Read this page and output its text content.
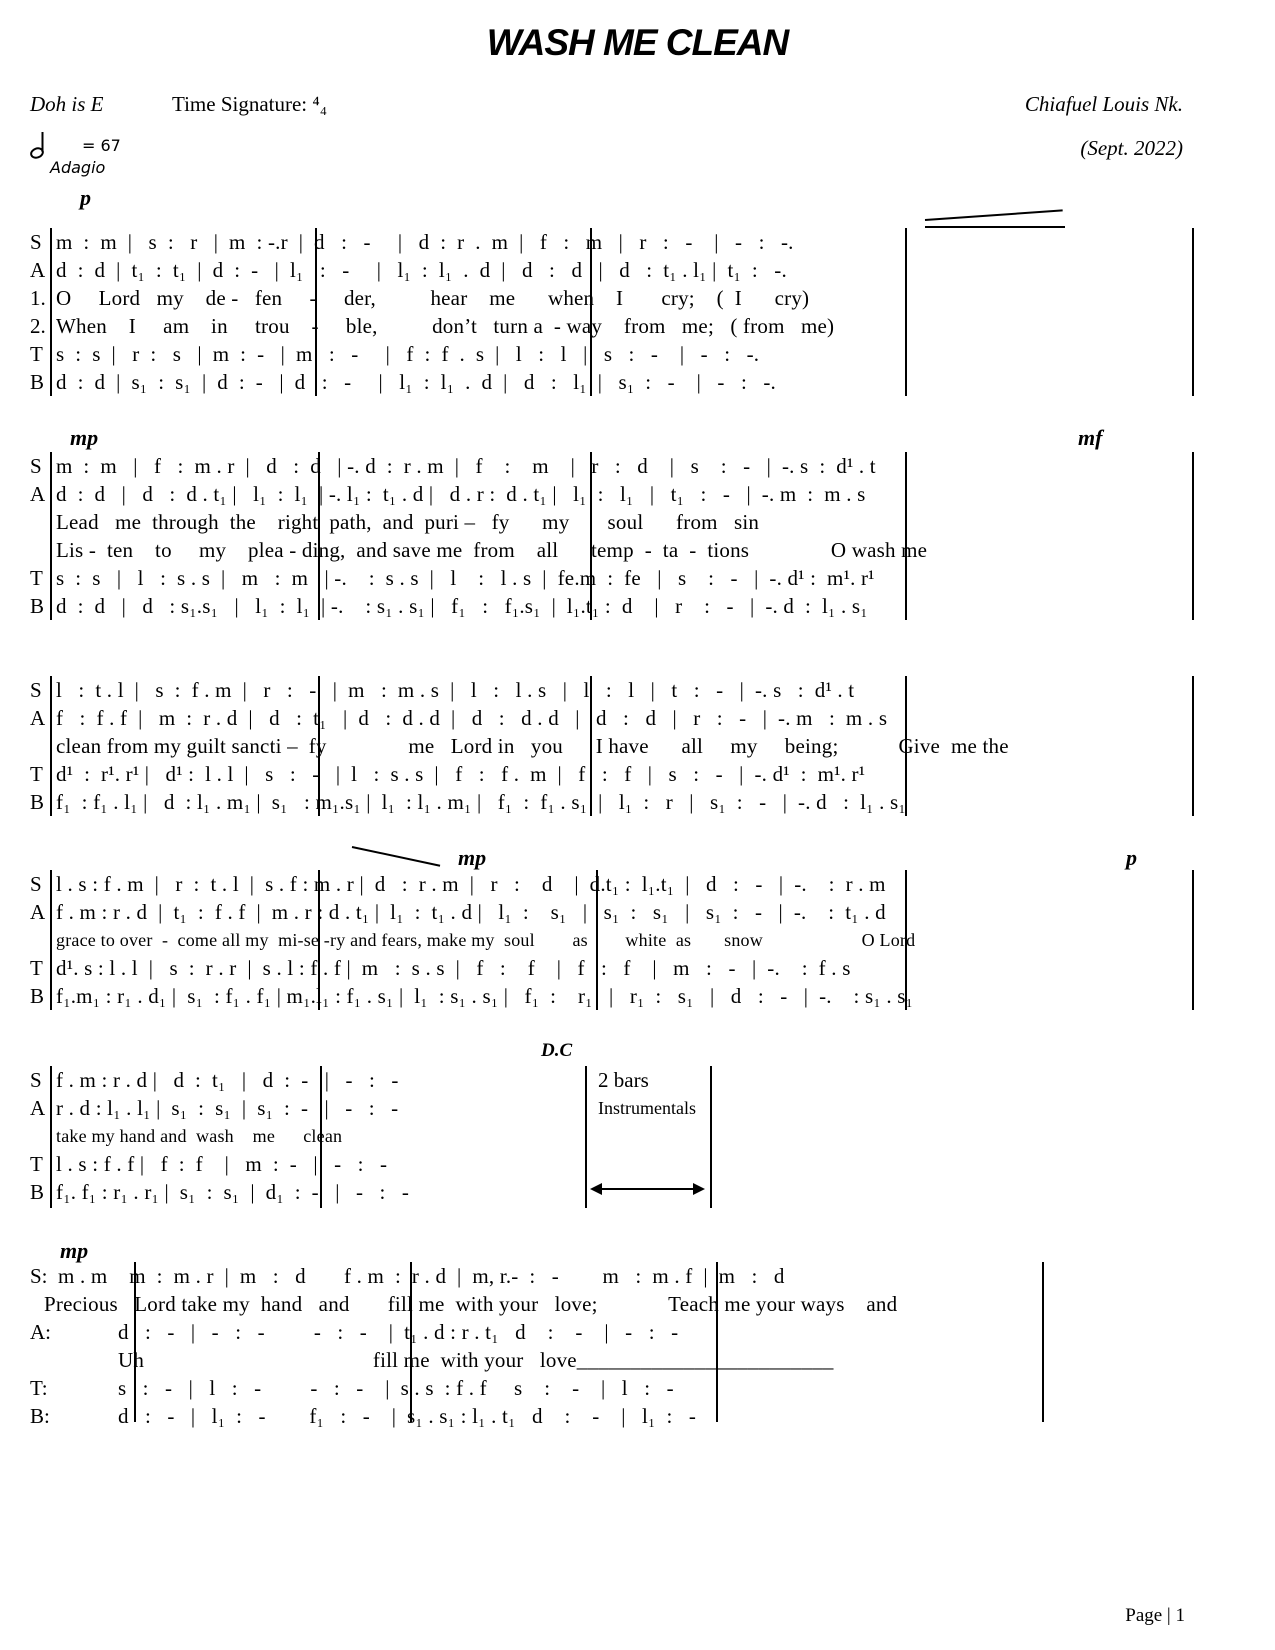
WASH ME CLEAN
Doh is E	Time Signature: ⁴₄	Chiafuel Louis Nk.
(Sept. 2022)
= 67
Adagio
p
S m  :  m  |   s  :   r   |  m  : -.r  |  d   :   -     |   d  :  r  .  m  |   f   :   m   |   r   :   -    |   -   :   -.
A d  :  d  |  t₁  :  t₁  |  d  :  -   |  l₁   :   -     |   l₁  :  l₁  .  d  |   d   :   d   |   d   :  t₁ . l₁ |  t₁  :   -.
1. O     Lord   my    de -   fen     -     der,          hear    me      when    I       cry;    (  I      cry)
2. When    I     am    in     trou    -     ble,          don’t   turn a  - way    from   me;   ( from   me)
T s  :  s  |   r  :   s   |  m  :  -   |  m   :   -     |   f  :  f  .  s  |   l   :   l   |   s   :   -    |   -   :   -.
B d  :  d  |  s₁  :  s₁  |  d  :  -   |  d   :   -     |   l₁  :  l₁  .  d  |   d   :   l₁  |   s₁  :   -    |   -   :   -.
mp	mf
S m  :  m   |   f   :  m . r  |   d   :  d   | -. d  :  r . m  |   f    :    m    |   r   :   d    |   s    :   -   |  -. s  :  d¹ . t
A d  :  d   |   d   :  d . t₁ |   l₁  :  l₁  | -. l₁ :  t₁ . d |   d . r :  d . t₁ |   l₁  :   l₁   |   t₁   :   -   |  -. m  :  m . s
Lead   me  through  the    right  path,  and  puri –   fy      my       soul      from   sin
Lis -  ten    to     my    plea - ding,  and save me  from    all      temp  -  ta  -  tions               O wash me
T s  :  s   |   l   :  s . s  |   m   :  m   | -.    :  s . s  |   l    :   l . s  |  fe.m  :  fe   |   s    :   -   |  -. d¹ :  m¹. r¹
B d  :  d   |   d   : s₁.s₁   |   l₁  :  l₁  | -.    : s₁ . s₁ |   f₁   :   f₁.s₁  |  l₁.t₁ :  d    |   r    :   -   |  -. d  :  l₁ . s₁
S l   :  t . l  |   s  :  f . m  |   r   :   -   |  m   :  m . s  |   l   :   l . s   |   l   :   l   |   t   :   -   |  -. s   :  d¹ . t
A f   :  f . f  |   m  :  r . d  |   d   :  t₁   |  d   :  d . d  |   d   :   d . d   |   d   :   d   |   r   :   -   |  -. m   :  m . s
clean from my guilt sancti –  fy               me   Lord in   you      I have      all     my     being;           Give  me the
T d¹  :  r¹. r¹ |   d¹ :  l . l  |   s   :   -   |  l   :  s . s  |   f   :   f .  m  |   f   :   f   |   s   :   -   |  -. d¹  :  m¹. r¹
B f₁  : f₁ . l₁ |   d  : l₁ . m₁ |  s₁   : m₁.s₁ |  l₁  : l₁ . m₁ |   f₁  :  f₁ . s₁  |   l₁  :   r   |   s₁  :   -   |  -. d   :  l₁ . s₁
mp	p
S l . s : f . m  |   r  :  t . l  |  s . f : m . r |  d   :  r . m  |   r   :    d    |  d.t₁ :  l₁.t₁  |   d   :   -   |  -.    :  r . m
A f . m : r . d  |  t₁  :  f . f  |  m . r : d . t₁ |  l₁  :  t₁ . d |   l₁  :    s₁   |   s₁  :   s₁   |   s₁  :   -   |  -.    :  t₁ . d
grace to over  -  come all my  mi-se -ry and fears, make my  soul        as        white  as       snow                     O Lord
T d¹. s : l . l  |   s  :  r . r  |  s . l : f . f |  m   :  s . s  |   f   :    f    |   f   :   f    |   m   :   -   |  -.    :  f . s
B f₁.m₁ : r₁ . d₁ |  s₁  : f₁ . f₁ | m₁.l₁ : f₁ . s₁ |  l₁  : s₁ . s₁ |   f₁  :    r₁   |   r₁  :   s₁   |   d   :   -   |  -.    : s₁ . s₁
D.C
S f . m : r . d |   d  :  t₁   |   d  :  -   |   -   :   -
A r . d : l₁ . l₁ |  s₁  :  s₁  |  s₁  :  -   |   -   :   -
take my hand and  wash    me      clean
T l . s : f . f |   f  :  f    |   m  :  -   |   -   :   -
B f₁. f₁ : r₁ . r₁ |  s₁  :  s₁  |  d₁  :  -   |   -   :   -
2 bars
Instrumentals
mp
S: m . m    m  :  m . r  |  m   :   d       f . m  :  r . d  |  m, r.-  :   -        m   :  m . f  |  m   :   d
Precious   Lord take my  hand   and       fill me  with your   love;             Teach me your ways    and
A: d   :   -   |   -   :   -         -   :   -    |  t₁ . d : r . t₁   d    :    -    |   -   :   -
Uh                                          fill me  with your   love________________________
T: s   :   -   |   l   :   -         -   :   -    |  s . s  : f . f     s    :    -    |   l   :   -
B: d   :   -   |   l₁  :   -        f₁   :   -    |  s₁ . s₁ : l₁ . t₁   d    :    -    |   l₁  :   -
Page | 1
